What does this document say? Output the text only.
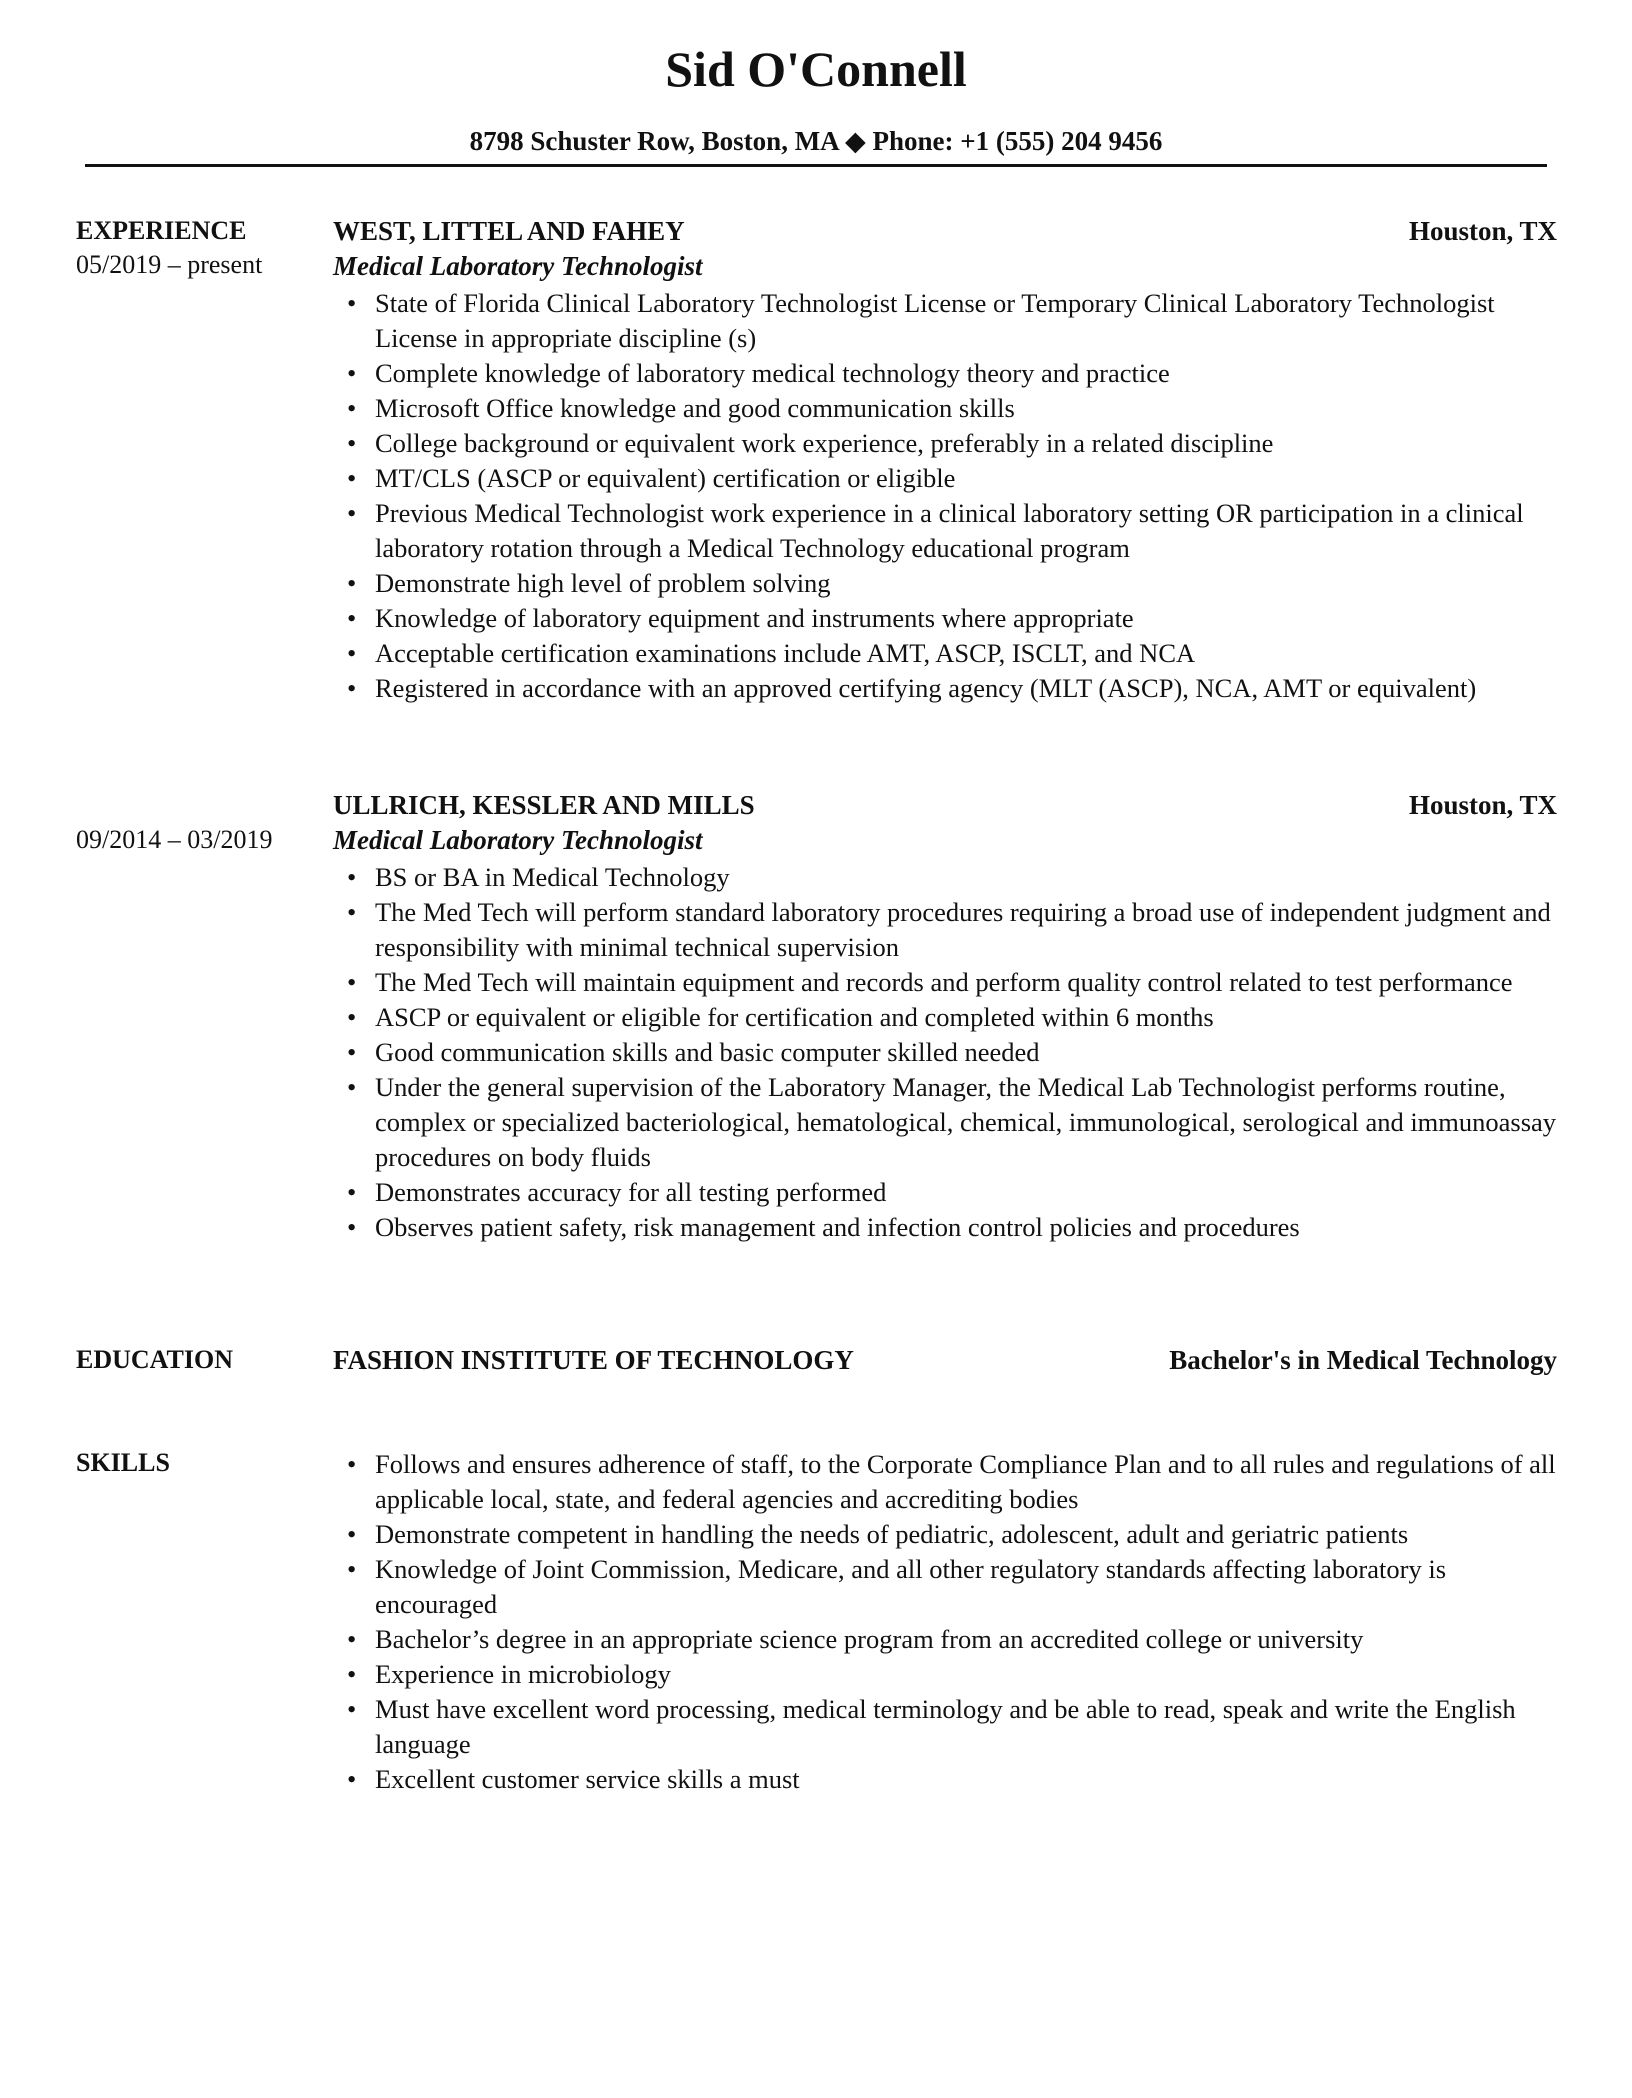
Sid O'Connell
8798 Schuster Row, Boston, MA ◆ Phone: +1 (555) 204 9456
EXPERIENCE
05/2019 – present
WEST, LITTEL AND FAHEY	Houston, TX
Medical Laboratory Technologist
• State of Florida Clinical Laboratory Technologist License or Temporary Clinical Laboratory Technologist License in appropriate discipline (s)
• Complete knowledge of laboratory medical technology theory and practice
• Microsoft Office knowledge and good communication skills
• College background or equivalent work experience, preferably in a related discipline
• MT/CLS (ASCP or equivalent) certification or eligible
• Previous Medical Technologist work experience in a clinical laboratory setting OR participation in a clinical laboratory rotation through a Medical Technology educational program
• Demonstrate high level of problem solving
• Knowledge of laboratory equipment and instruments where appropriate
• Acceptable certification examinations include AMT, ASCP, ISCLT, and NCA
• Registered in accordance with an approved certifying agency (MLT (ASCP), NCA, AMT or equivalent)
ULLRICH, KESSLER AND MILLS	Houston, TX
09/2014 – 03/2019 Medical Laboratory Technologist
• BS or BA in Medical Technology
• The Med Tech will perform standard laboratory procedures requiring a broad use of independent judgment and responsibility with minimal technical supervision
• The Med Tech will maintain equipment and records and perform quality control related to test performance
• ASCP or equivalent or eligible for certification and completed within 6 months
• Good communication skills and basic computer skilled needed
• Under the general supervision of the Laboratory Manager, the Medical Lab Technologist performs routine, complex or specialized bacteriological, hematological, chemical, immunological, serological and immunoassay procedures on body fluids
• Demonstrates accuracy for all testing performed
• Observes patient safety, risk management and infection control policies and procedures
EDUCATION	FASHION INSTITUTE OF TECHNOLOGY	Bachelor's in Medical Technology
SKILLS
•	Follows and ensures adherence of staff, to the Corporate Compliance Plan and to all rules and regulations of all applicable local, state, and federal agencies and accrediting bodies
• Demonstrate competent in handling the needs of pediatric, adolescent, adult and geriatric patients
• Knowledge of Joint Commission, Medicare, and all other regulatory standards affecting laboratory is encouraged
• Bachelor’s degree in an appropriate science program from an accredited college or university
• Experience in microbiology
• Must have excellent word processing, medical terminology and be able to read, speak and write the English language
• Excellent customer service skills a must
